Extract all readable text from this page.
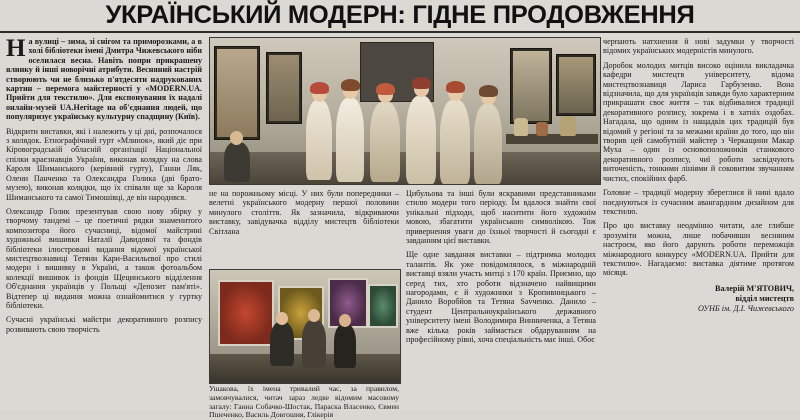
УКРАЇНСЬКИЙ МОДЕРН: ГІДНЕ ПРОДОВЖЕННЯ

Н а вулиці – зима, зі снігом та приморозками, а в холі бібліотеки імені Дмитра Чижевського ніби оселилася весна. Навіть попри прикрашену ялинку й інші новорічні атрибути. Весняний настрій створюють чи не близько п'ятдесяти надрукованих картин – перемога майстерності у «MODERN.UA. Прийти для текстилю». Для експонування їх надалі онлайн-музей UA.Heritage на об'єднання людей, що популяризує українську культурну спадщину (Київ).

Відкрити виставки, які і належить у ці дні, розпочалося з колядок. Етнографічний гурт «Млинок», який діє при Кіровоградській обласній організації Національної спілки краєзнавців України, виконав колядку на слова Кароля Шиманського (керівний гурту), Ганни Ляк, Олени Панченко та Олександра Голика (дві брато-музею), виконав колядки, що їх співали ще за Кароля Шиманського та самої Тимошівці, де він народився.

Олександр Голик презентував свою нову збірку у творчому тандемі – це поетичні рядки знаменитого композитора його сучасниці, відомої майстрині художньої вишивки Наталії Давидової та фондів бібліотеки ілюстровані видання відомої української мистецтвознавиці Тетяни Кари-Васильєвої про стилі модерн і вишивку в Україні, а також фотоальбом колекції вишивок із фондів Щецинського відділення Об'єднання українців у Польщі «Депозит пам'яті». Відтепер ці видання можна ознайомитися у гуртку бібліотеки.

Сучасні українські майстри декоративного розпису розвивають свою творчість

не на порожньому місці. У них були попередники – велетні українського модерну першої половини минулого століття. Як зазначила, відкриваючи виставку, завідувачка відділу мистецтв бібліотеки Світлана

Ушакова, їх імена тривалий час, за правилом, замовчувалися, читач зараз ледве відомим масовому загалу: Ганна Собачко-Шостак, Параска Власенко, Євмен Пшеченко, Василь Довгошия, Глікерія

Цибульова та інші були яскравими представниками стилю модерн того періоду. Їм вдалося знайти свої унікальні підходи, щоб наситити його художнім мовою, збагатити українською символікою. Тож привернення уваги до їхньої творчості й сьогодні є завданням цієї виставки.

Ще одне завдання виставки – підтримка молодих талантів. Як уже повідомлялося, в міжнародній виставці взяли участь митці з 170 країн. Приємно, що серед тих, хто роботи відзначено найвищими нагородами, є й художники з Кропивницького – Данило Воробйов та Тетяна Savченко. Данило – студент Центральноукраїнського державного університету імені Володимира Винниченка, а Тетяна вже кілька років займається обдаруванням на професійному рівні, хоча спеціальність має інші. Обоє

черпають натхнення й нові задумки у творчості відомих українських модерністів минулого.

Доробок молодих митців високо оцінила викладачка кафедри мистецтв університету, відома мистецтвознавиця Лариса Гарбузенко. Вона відзначила, що для українців завжди було характерним прикрашати своє життя – так відбивалися традиції декоративного розпису, зокрема і в хатніх оздобах. Нагадала, що одним із нащадків цих традицій був відомий у регіоні та за межами країни до того, що він творив цей самобутній майстер з Черкащини Макар Муха – один із основоположників станкового декоративного розпису, чиї роботи засвідчують виточеність, тонкими лініями й соковитим звучанням чистих, спокійних фарб.

Головне – традиції модерну збереглися й нині вдало поєднуються із сучасним авангардним дизайном для текстилю.

Про цю виставку неодмінно читати, але глибше зрозуміти можна, лише побачивши весняним настроєм, яко його дарують роботи переможців міжнародного конкурсу «MODERN.UA. Прийти для текстилю». Нагадаємо: виставка діятиме протягом місяця.

Валерій М'ЯТОВИЧ,
відділ мистецтв
ОУНБ ім. Д.І. Чижевського
